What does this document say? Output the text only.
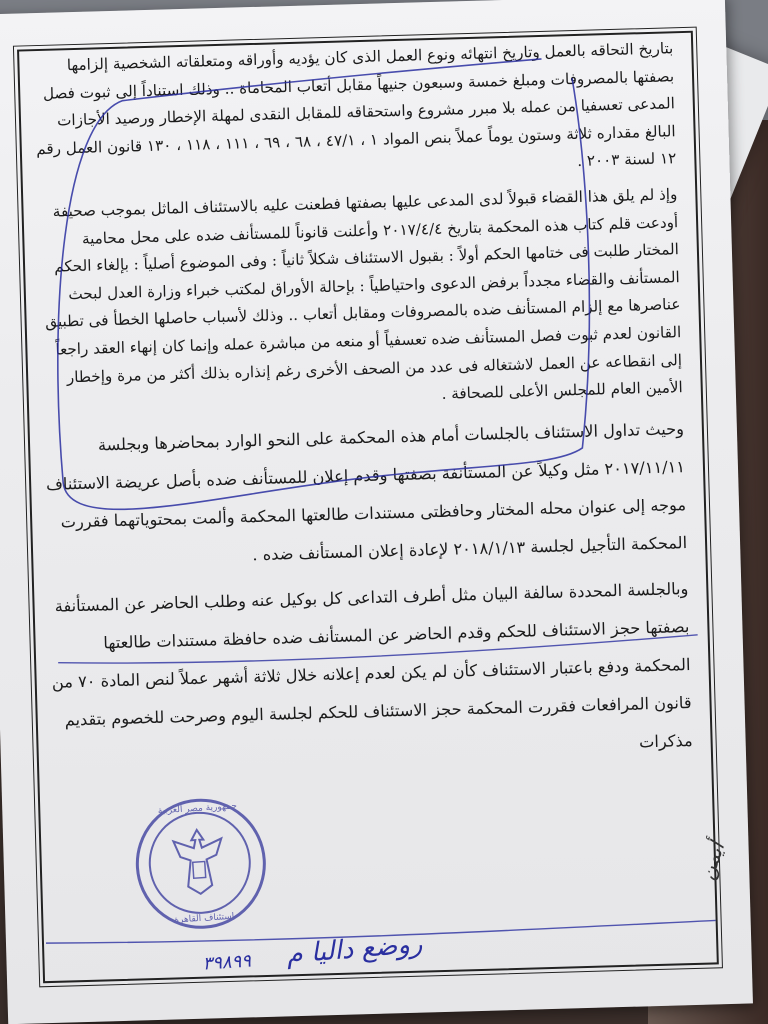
بتاريخ التحاقه بالعمل وتاريخ انتهائه ونوع العمل الذى كان يؤديه وأوراقه ومتعلقاته الشخصية إلزامها بصفتها بالمصروفات ومبلغ خمسة وسبعون جنيهاً مقابل أتعاب المحاماة .. وذلك استناداً إلى ثبوت فصل المدعى تعسفيا من عمله بلا مبرر مشروع واستحقاقه للمقابل النقدى لمهلة الإخطار ورصيد الأجازات البالغ مقداره ثلاثة وستون يوماً عملاً بنص المواد ١ ، ٤٧/١ ، ٦٨ ، ٦٩ ، ١١١ ، ١١٨ ، ١٣٠ قانون العمل رقم ١٢ لسنة ٢٠٠٣ .

وإذ لم يلق هذا القضاء قبولاً لدى المدعى عليها بصفتها فطعنت عليه بالاستئناف الماثل بموجب صحيفة أودعت قلم كتاب هذه المحكمة بتاريخ ٢٠١٧/٤/٤ وأعلنت قانوناً للمستأنف ضده على محل محامية المختار طلبت فى ختامها الحكم أولاً : بقبول الاستئناف شكلاً ثانياً : وفى الموضوع أصلياً : بإلغاء الحكم المستأنف والقضاء مجدداً برفض الدعوى واحتياطياً : بإحالة الأوراق لمكتب خبراء وزارة العدل لبحث عناصرها مع إلزام المستأنف ضده بالمصروفات ومقابل أتعاب .. وذلك لأسباب حاصلها الخطأ فى تطبيق القانون لعدم ثبوت فصل المستأنف ضده تعسفياً أو منعه من مباشرة عمله وإنما كان إنهاء العقد راجعاً إلى انقطاعه عن العمل لاشتغاله فى عدد من الصحف الأخرى رغم إنذاره بذلك أكثر من مرة وإخطار الأمين العام للمجلس الأعلى للصحافة .

وحيث تداول الاستئناف بالجلسات أمام هذه المحكمة على النحو الوارد بمحاضرها وبجلسة ٢٠١٧/١١/١١ مثل وكيلاً عن المستأنفة بصفتها وقدم إعلان للمستأنف ضده بأصل عريضة الاستئناف موجه إلى عنوان محله المختار وحافظتى مستندات طالعتها المحكمة وألمت بمحتوياتهما فقررت المحكمة التأجيل لجلسة ٢٠١٨/١/١٣ لإعادة إعلان المستأنف ضده .

وبالجلسة المحددة سالفة البيان مثل أطرف التداعى كل بوكيل عنه وطلب الحاضر عن المستأنفة بصفتها حجز الاستئناف للحكم وقدم الحاضر عن المستأنف ضده حافظة مستندات طالعتها المحكمة ودفع باعتبار الاستئناف كأن لم يكن لعدم إعلانه خلال ثلاثة أشهر عملاً لنص المادة ٧٠ من قانون المرافعات فقررت المحكمة حجز الاستئناف للحكم لجلسة اليوم وصرحت للخصوم بتقديم مذكرات

جمهورية مصر العربية
استئناف القاهرة
٣٩٨٩٩ روضع داليا م
أيمن
